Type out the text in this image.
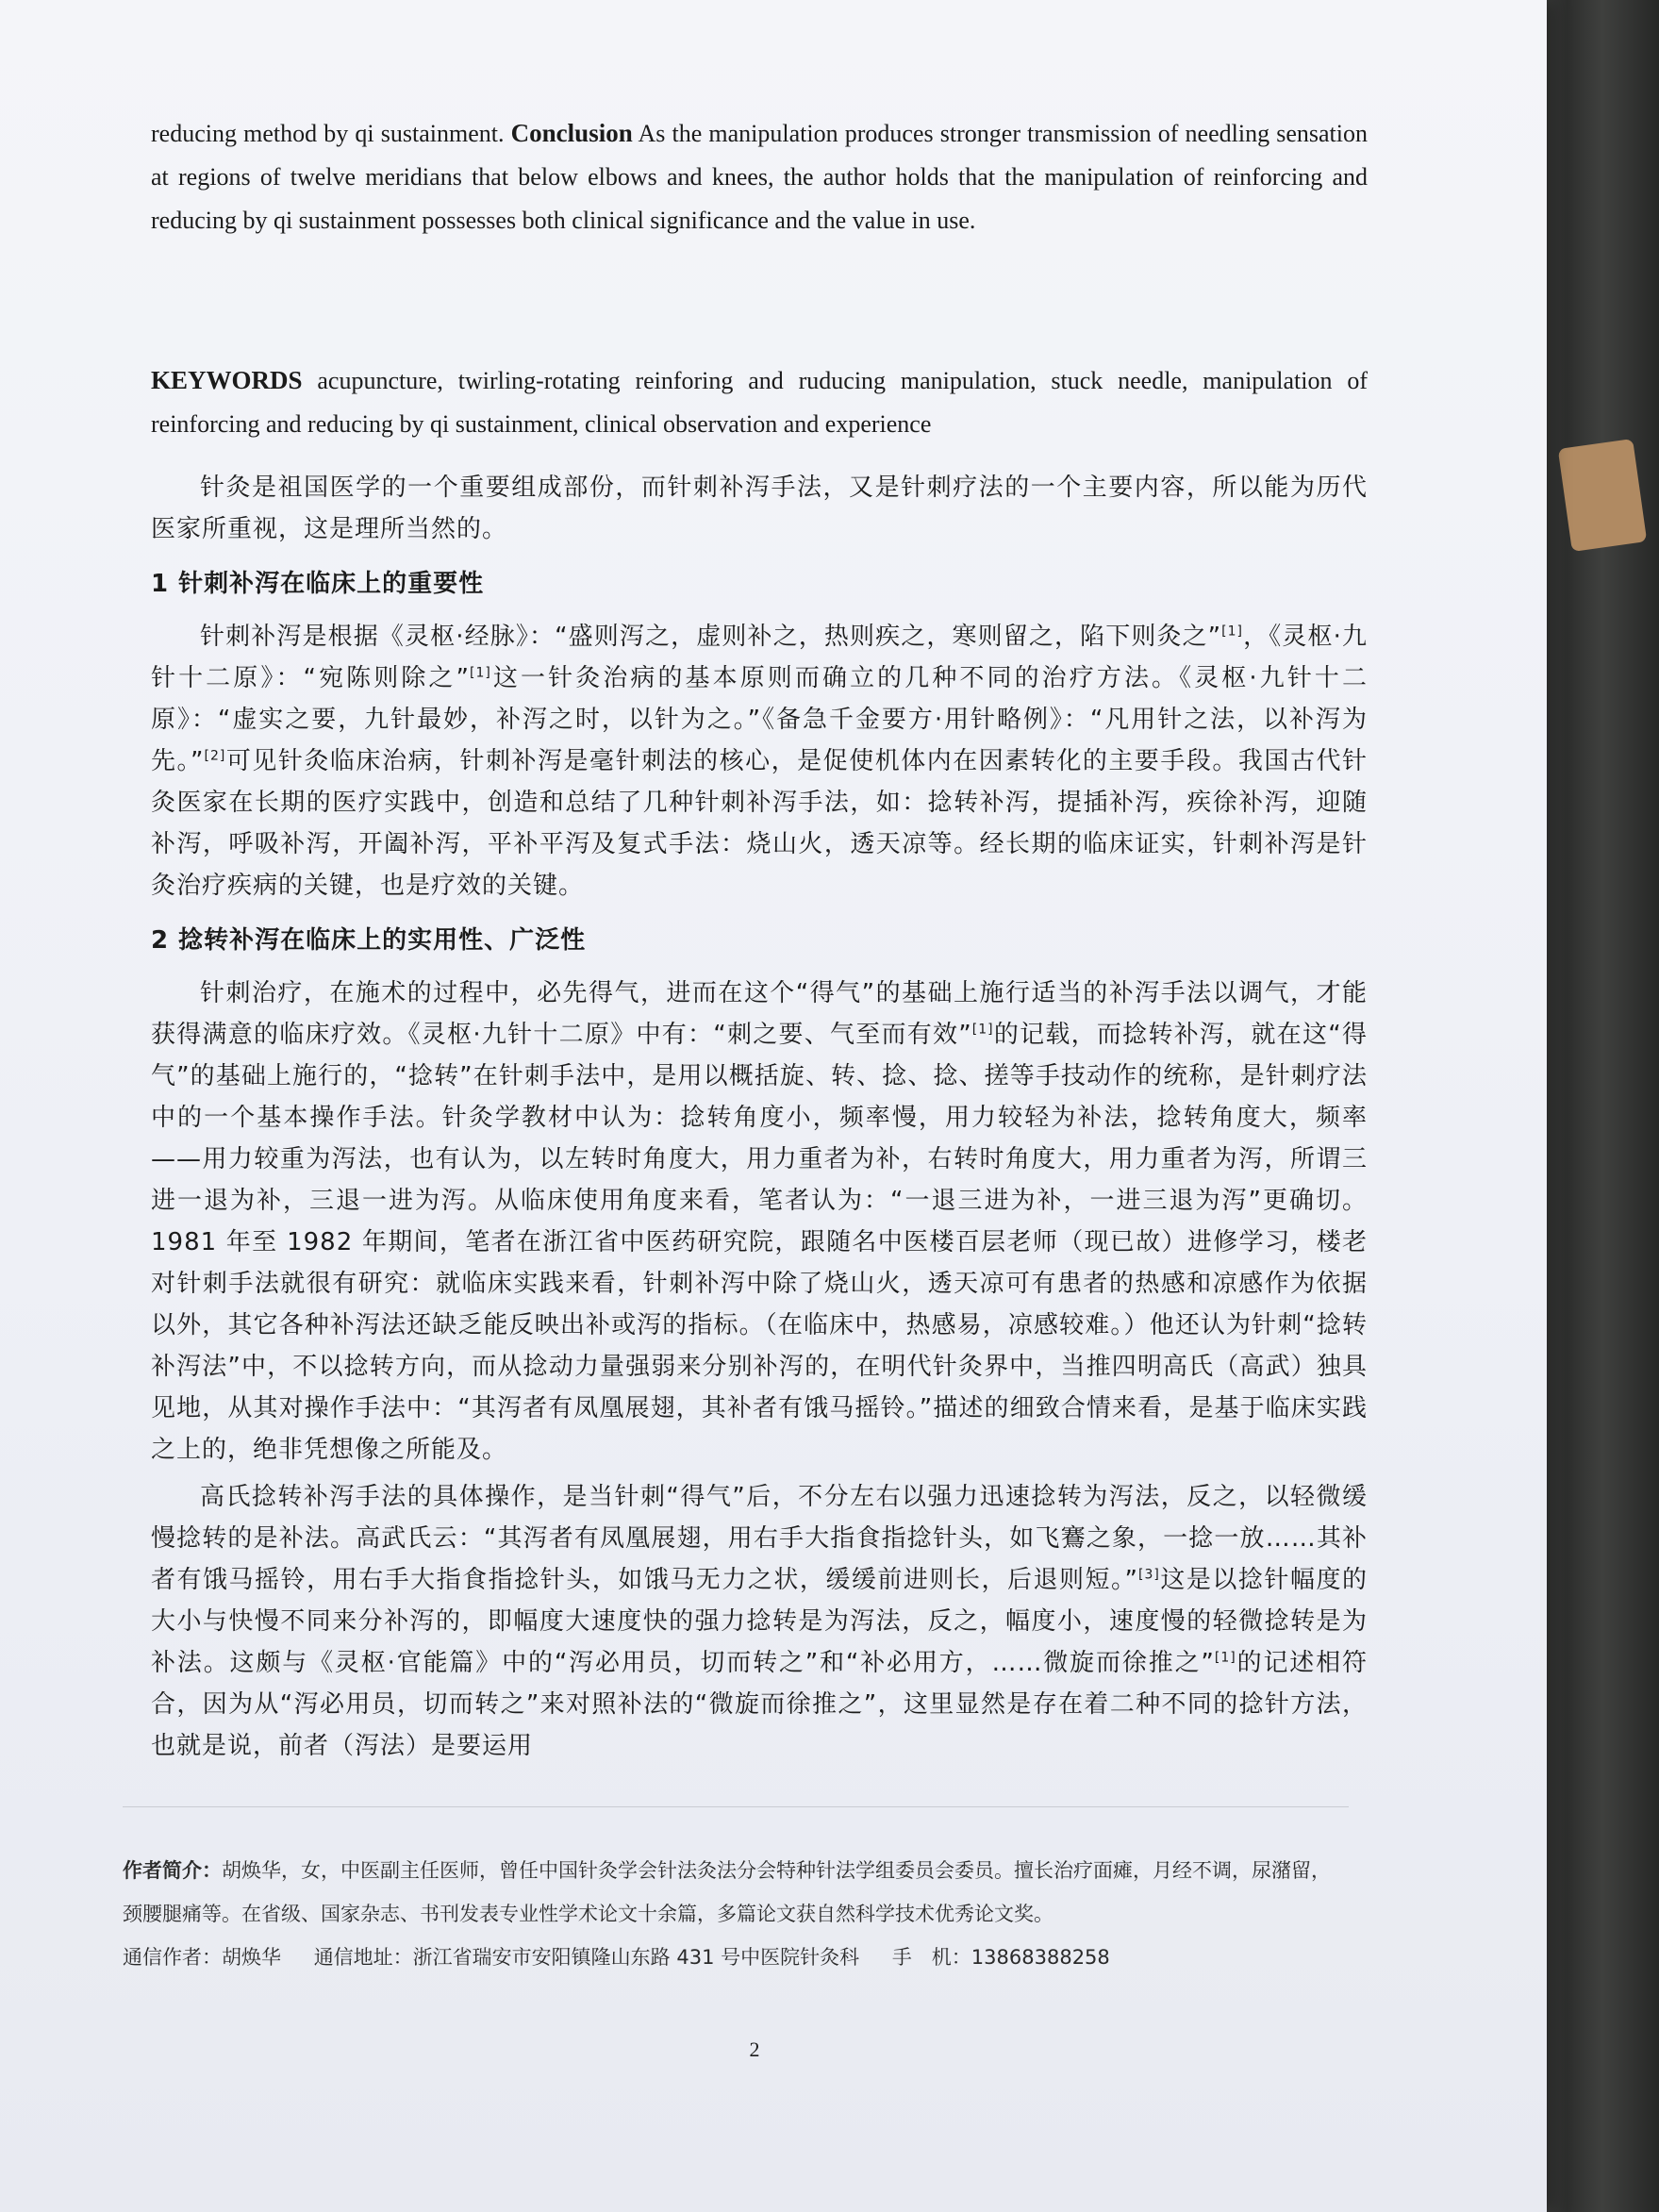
reducing method by qi sustainment. Conclusion As the manipulation produces stronger transmission of needling sensation at regions of twelve meridians that below elbows and knees, the author holds that the manipulation of reinforcing and reducing by qi sustainment possesses both clinical significance and the value in use.

KEYWORDS acupuncture, twirling-rotating reinforing and ruducing manipulation, stuck needle, manipulation of reinforcing and reducing by qi sustainment, clinical observation and experience

针灸是祖国医学的一个重要组成部份，而针刺补泻手法，又是针刺疗法的一个主要内容，所以能为历代医家所重视，这是理所当然的。

1 针刺补泻在临床上的重要性

针刺补泻是根据《灵枢·经脉》：“盛则泻之，虚则补之，热则疾之，寒则留之，陷下则灸之”[1]，《灵枢·九针十二原》：“宛陈则除之”[1]这一针灸治病的基本原则而确立的几种不同的治疗方法。《灵枢·九针十二原》：“虚实之要，九针最妙，补泻之时，以针为之。”《备急千金要方·用针略例》：“凡用针之法，以补泻为先。”[2]可见针灸临床治病，针刺补泻是毫针刺法的核心，是促使机体内在因素转化的主要手段。我国古代针灸医家在长期的医疗实践中，创造和总结了几种针刺补泻手法，如：捻转补泻，提插补泻，疾徐补泻，迎随补泻，呼吸补泻，开阖补泻，平补平泻及复式手法：烧山火，透天凉等。经长期的临床证实，针刺补泻是针灸治疗疾病的关键，也是疗效的关键。

2 捻转补泻在临床上的实用性、广泛性

针刺治疗，在施术的过程中，必先得气，进而在这个“得气”的基础上施行适当的补泻手法以调气，才能获得满意的临床疗效。《灵枢·九针十二原》中有：“刺之要、气至而有效”[1]的记载，而捻转补泻，就在这“得气”的基础上施行的，“捻转”在针刺手法中，是用以概括旋、转、捻、捻、搓等手技动作的统称，是针刺疗法中的一个基本操作手法。针灸学教材中认为：捻转角度小，频率慢，用力较轻为补法，捻转角度大，频率——用力较重为泻法，也有认为，以左转时角度大，用力重者为补，右转时角度大，用力重者为泻，所谓三进一退为补，三退一进为泻。从临床使用角度来看，笔者认为：“一退三进为补，一进三退为泻”更确切。1981 年至 1982 年期间，笔者在浙江省中医药研究院，跟随名中医楼百层老师（现已故）进修学习，楼老对针刺手法就很有研究：就临床实践来看，针刺补泻中除了烧山火，透天凉可有患者的热感和凉感作为依据以外，其它各种补泻法还缺乏能反映出补或泻的指标。（在临床中，热感易，凉感较难。）他还认为针刺“捻转补泻法”中，不以捻转方向，而从捻动力量强弱来分别补泻的，在明代针灸界中，当推四明高氏（高武）独具见地，从其对操作手法中：“其泻者有凤凰展翅，其补者有饿马摇铃。”描述的细致合情来看，是基于临床实践之上的，绝非凭想像之所能及。

高氏捻转补泻手法的具体操作，是当针刺“得气”后，不分左右以强力迅速捻转为泻法，反之，以轻微缓慢捻转的是补法。高武氏云：“其泻者有凤凰展翅，用右手大指食指捻针头，如飞鶱之象，一捻一放……其补者有饿马摇铃，用右手大指食指捻针头，如饿马无力之状，缓缓前进则长，后退则短。”[3]这是以捻针幅度的大小与快慢不同来分补泻的，即幅度大速度快的强力捻转是为泻法，反之，幅度小，速度慢的轻微捻转是为补法。这颇与《灵枢·官能篇》中的“泻必用员，切而转之”和“补必用方，……微旋而徐推之”[1]的记述相符合，因为从“泻必用员，切而转之”来对照补法的“微旋而徐推之”，这里显然是存在着二种不同的捻针方法，也就是说，前者（泻法）是要运用

作者简介：胡焕华，女，中医副主任医师，曾任中国针灸学会针法灸法分会特种针法学组委员会委员。擅长治疗面瘫，月经不调，尿潴留，颈腰腿痛等。在省级、国家杂志、书刊发表专业性学术论文十余篇，多篇论文获自然科学技术优秀论文奖。

通信作者：胡焕华 通信地址：浙江省瑞安市安阳镇隆山东路 431 号中医院针灸科 手　机：13868388258

2
